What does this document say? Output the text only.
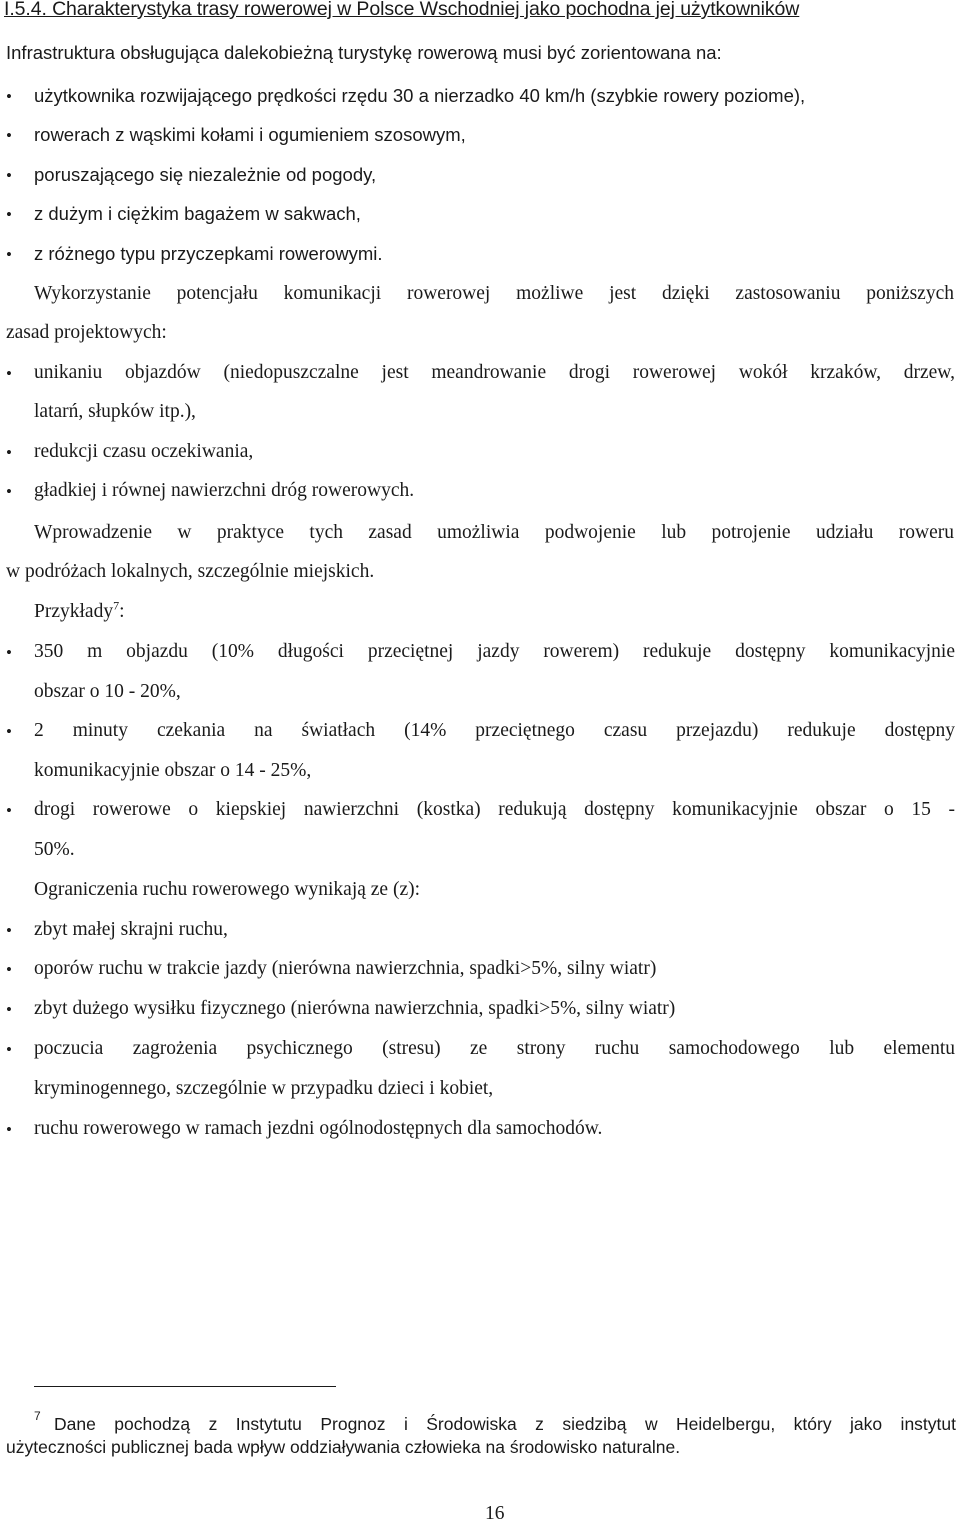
I.5.4. Charakterystyka trasy rowerowej w Polsce Wschodniej jako pochodna jej użytkowników
Infrastruktura obsługująca dalekobieżną turystykę rowerową musi być zorientowana na:
• użytkownika rozwijającego prędkości rzędu 30 a nierzadko 40 km/h (szybkie rowery poziome),
• rowerach z wąskimi kołami i ogumieniem szosowym,
• poruszającego się niezależnie od pogody,
• z dużym i ciężkim bagażem w sakwach,
• z różnego typu przyczepkami rowerowymi.
Wykorzystanie potencjału komunikacji rowerowej możliwe jest dzięki zastosowaniu poniższych
zasad projektowych:
• unikaniu objazdów (niedopuszczalne jest meandrowanie drogi rowerowej wokół krzaków, drzew,
latarń, słupków itp.),
• redukcji czasu oczekiwania,
• gładkiej i równej nawierzchni dróg rowerowych.
Wprowadzenie w praktyce tych zasad umożliwia podwojenie lub potrojenie udziału roweru
w podróżach lokalnych, szczególnie miejskich.
Przykłady$^7$:
• 350 m objazdu (10% długości przeciętnej jazdy rowerem) redukuje dostępny komunikacyjnie
obszar o 10 - 20%,
• 2 minuty czekania na światłach (14% przeciętnego czasu przejazdu) redukuje dostępny
komunikacyjnie obszar o 14 - 25%,
• drogi rowerowe o kiepskiej nawierzchni (kostka) redukują dostępny komunikacyjnie obszar o 15 -
50%.
Ograniczenia ruchu rowerowego wynikają ze (z):
• zbyt małej skrajni ruchu,
• oporów ruchu w trakcie jazdy (nierówna nawierzchnia, spadki>5%, silny wiatr)
• zbyt dużego wysiłku fizycznego (nierówna nawierzchnia, spadki>5%, silny wiatr)
• poczucia zagrożenia psychicznego (stresu) ze strony ruchu samochodowego lub elementu
kryminogennego, szczególnie w przypadku dzieci i kobiet,
• ruchu rowerowego w ramach jezdni ogólnodostępnych dla samochodów.
$^7$ Dane pochodzą z Instytutu Prognoz i Środowiska z siedzibą w Heidelbergu, który jako instytut
użyteczności publicznej bada wpływ oddziaływania człowieka na środowisko naturalne.
16
